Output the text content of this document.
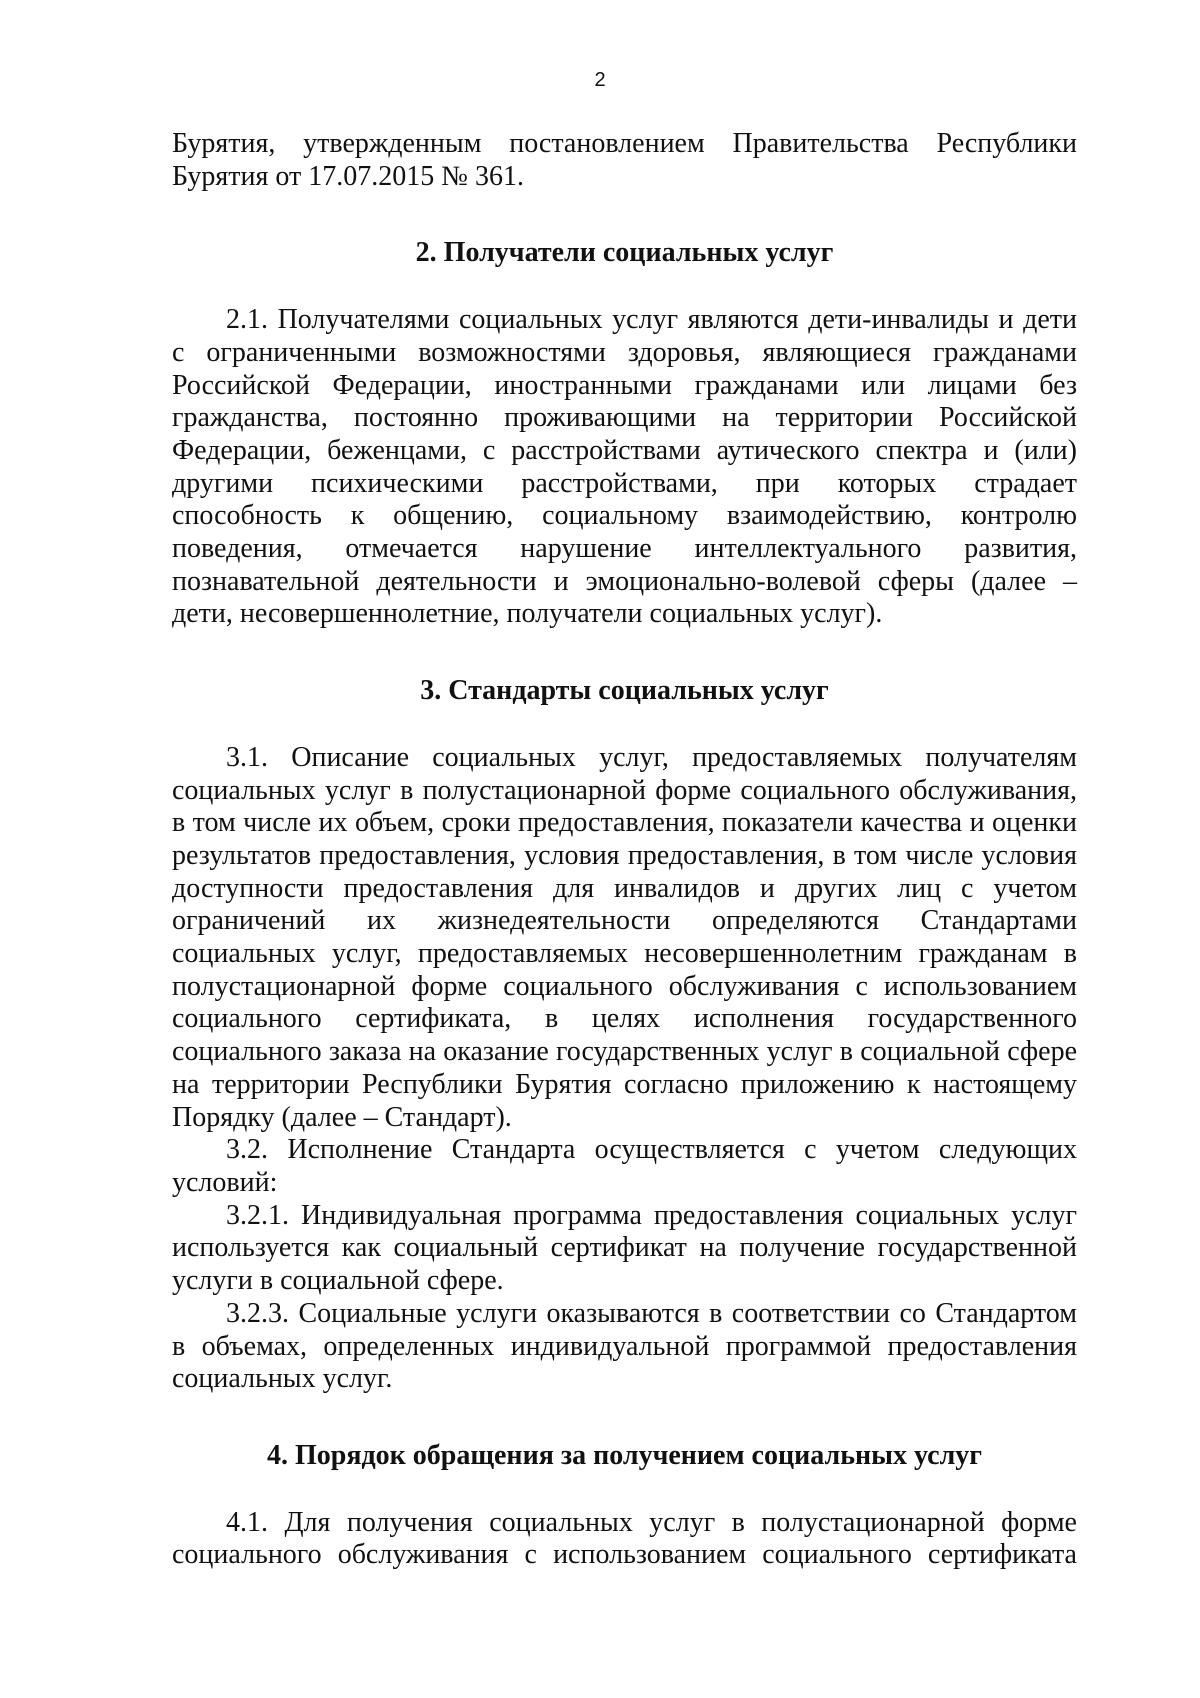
2

Бурятия, утвержденным постановлением Правительства Республики Бурятия от 17.07.2015 № 361.

2. Получатели социальных услуг

2.1. Получателями социальных услуг являются дети-инвалиды и дети с ограниченными возможностями здоровья, являющиеся гражданами Российской Федерации, иностранными гражданами или лицами без гражданства, постоянно проживающими на территории Российской Федерации, беженцами, с расстройствами аутического спектра и (или) другими психическими расстройствами, при которых страдает способность к общению, социальному взаимодействию, контролю поведения, отмечается нарушение интеллектуального развития, познавательной деятельности и эмоционально-волевой сферы (далее – дети, несовершеннолетние, получатели социальных услуг).

3. Стандарты социальных услуг

3.1. Описание социальных услуг, предоставляемых получателям социальных услуг в полустационарной форме социального обслуживания, в том числе их объем, сроки предоставления, показатели качества и оценки результатов предоставления, условия предоставления, в том числе условия доступности предоставления для инвалидов и других лиц с учетом ограничений их жизнедеятельности определяются Стандартами социальных услуг, предоставляемых несовершеннолетним гражданам в полустационарной форме социального обслуживания с использованием социального сертификата, в целях исполнения государственного социального заказа на оказание государственных услуг в социальной сфере на территории Республики Бурятия согласно приложению к настоящему Порядку (далее – Стандарт).

3.2. Исполнение Стандарта осуществляется с учетом следующих условий:

3.2.1. Индивидуальная программа предоставления социальных услуг используется как социальный сертификат на получение государственной услуги в социальной сфере.

3.2.3. Социальные услуги оказываются в соответствии со Стандартом в объемах, определенных индивидуальной программой предоставления социальных услуг.

4. Порядок обращения за получением социальных услуг

4.1. Для получения социальных услуг в полустационарной форме социального обслуживания с использованием социального сертификата
